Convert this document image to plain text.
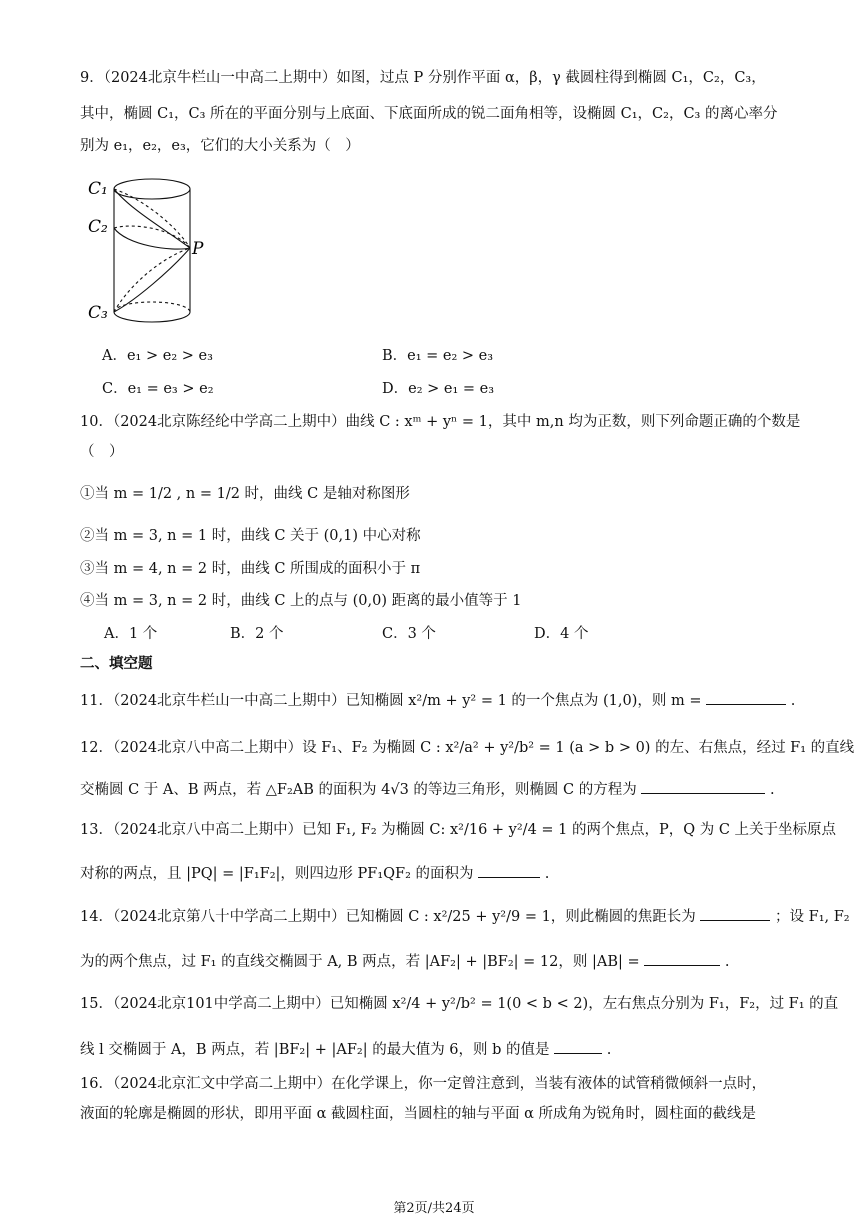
9．（2024北京牛栏山一中高二上期中）如图，过点 P 分别作平面 α，β，γ 截圆柱得到椭圆 C₁，C₂，C₃，
其中，椭圆 C₁，C₃ 所在的平面分别与上底面、下底面所成的锐二面角相等，设椭圆 C₁，C₂，C₃ 的离心率分
别为 e₁，e₂，e₃，它们的大小关系为（　）
C₁
C₂
P
C₃
A．e₁ > e₂ > e₃	B．e₁ = e₂ > e₃
C．e₁ = e₃ > e₂	D．e₂ > e₁ = e₃
10．（2024北京陈经纶中学高二上期中）曲线 C : xᵐ + yⁿ = 1，其中 m,n 均为正数，则下列命题正确的个数是
（　）
①当 m = 1/2 , n = 1/2 时，曲线 C 是轴对称图形
②当 m = 3, n = 1 时，曲线 C 关于 (0,1) 中心对称
③当 m = 4, n = 2 时，曲线 C 所围成的面积小于 π
④当 m = 3, n = 2 时，曲线 C 上的点与 (0,0) 距离的最小值等于 1
A．1 个	B．2 个	C．3 个	D．4 个
二、填空题
11．（2024北京牛栏山一中高二上期中）已知椭圆 x²/m + y² = 1 的一个焦点为 (1,0)，则 m =	.
12．（2024北京八中高二上期中）设 F₁、F₂ 为椭圆 C : x²/a² + y²/b² = 1 (a > b > 0) 的左、右焦点，经过 F₁ 的直线
交椭圆 C 于 A、B 两点，若 △F₂AB 的面积为 4√3 的等边三角形，则椭圆 C 的方程为	.
13．（2024北京八中高二上期中）已知 F₁, F₂ 为椭圆 C: x²/16 + y²/4 = 1 的两个焦点，P，Q 为 C 上关于坐标原点
对称的两点，且 |PQ| = |F₁F₂|，则四边形 PF₁QF₂ 的面积为	.
14．（2024北京第八十中学高二上期中）已知椭圆 C : x²/25 + y²/9 = 1，则此椭圆的焦距长为	；设 F₁, F₂
为的两个焦点，过 F₁ 的直线交椭圆于 A, B 两点，若 |AF₂| + |BF₂| = 12，则 |AB| =	.
15．（2024北京101中学高二上期中）已知椭圆 x²/4 + y²/b² = 1(0 < b < 2)，左右焦点分别为 F₁，F₂，过 F₁ 的直
线 l 交椭圆于 A，B 两点，若 |BF₂| + |AF₂| 的最大值为 6，则 b 的值是	.
16．（2024北京汇文中学高二上期中）在化学课上，你一定曾注意到，当装有液体的试管稍微倾斜一点时，
液面的轮廓是椭圆的形状，即用平面 α 截圆柱面，当圆柱的轴与平面 α 所成角为锐角时，圆柱面的截线是
第2页/共24页
